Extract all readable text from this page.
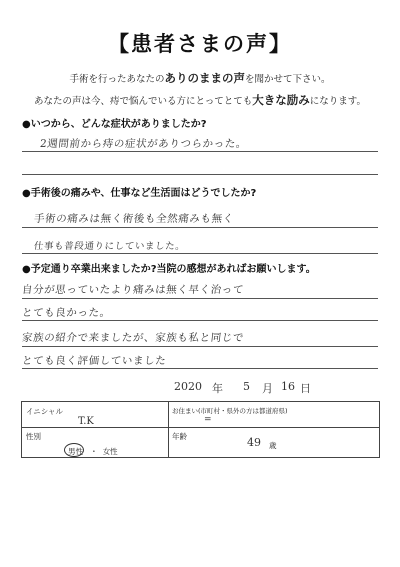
【患者さまの声】
手術を行ったあなたのありのままの声を聞かせて下さい。
あなたの声は今、痔で悩んでいる方にとってとても大きな励みになります。
●いつから、どんな症状がありましたか?
2週間前から痔の症状がありつらかった。
●手術後の痛みや、仕事など生活面はどうでしたか?
手術の痛みは無く術後も全然痛みも無く
仕事も普段通りにしていました。
●予定通り卒業出来ましたか?当院の感想があればお願いします。
自分が思っていたより痛みは無く早く治って
とても良かった。
家族の紹介で来ましたが、家族も私と同じで
とても良く評価していました
2020 年 5 月 16 日
イニシャル
T.K
お住まい(市町村・県外の方は都道府県)
=
性別
男性 ・ 女性
年齢	49 歳
